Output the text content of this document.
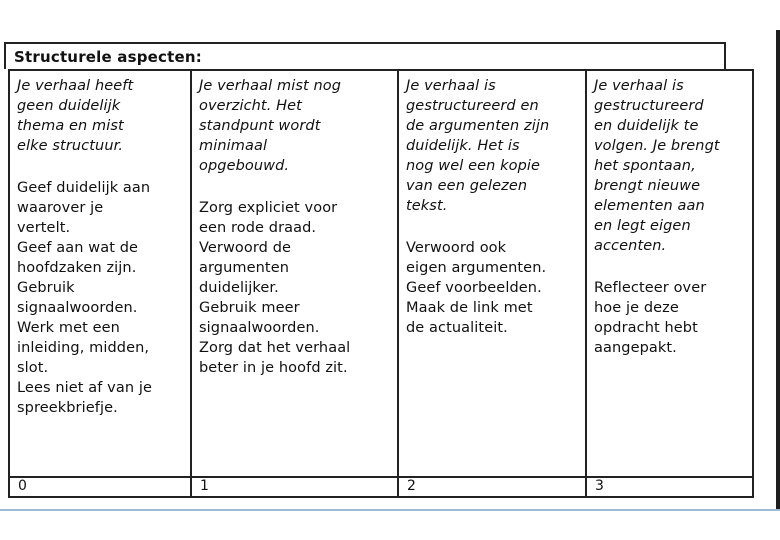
Structurele aspecten:
Je verhaal heeft
geen duidelijk
thema en mist
elke structuur.
Geef duidelijk aan
waarover je
vertelt.
Geef aan wat de
hoofdzaken zijn.
Gebruik
signaalwoorden.
Werk met een
inleiding, midden,
slot.
Lees niet af van je
spreekbriefje.
0
Je verhaal mist nog
overzicht. Het
standpunt wordt
minimaal
opgebouwd.
Zorg expliciet voor
een rode draad.
Verwoord de
argumenten
duidelijker.
Gebruik meer
signaalwoorden.
Zorg dat het verhaal
beter in je hoofd zit.
1
Je verhaal is
gestructureerd en
de argumenten zijn
duidelijk. Het is
nog wel een kopie
van een gelezen
tekst.
Verwoord ook
eigen argumenten.
Geef voorbeelden.
Maak de link met
de actualiteit.
2
Je verhaal is
gestructureerd
en duidelijk te
volgen. Je brengt
het spontaan,
brengt nieuwe
elementen aan
en legt eigen
accenten.
Reflecteer over
hoe je deze
opdracht hebt
aangepakt.
3
